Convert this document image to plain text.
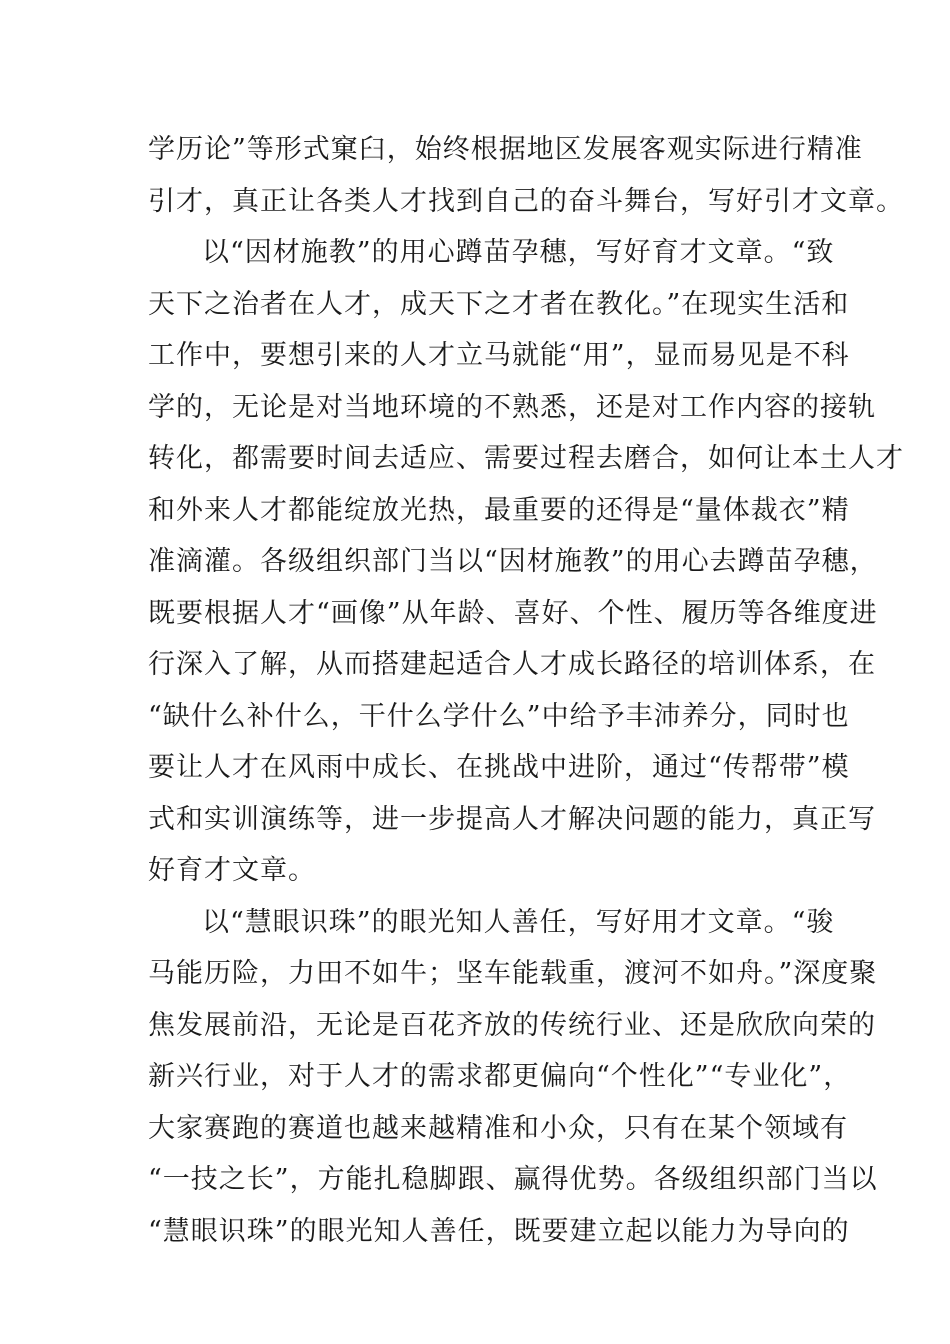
学历论”等形式窠臼，始终根据地区发展客观实际进行精准
引才，真正让各类人才找到自己的奋斗舞台，写好引才文章。
以“因材施教”的用心蹲苗孕穗，写好育才文章。“致
天下之治者在人才，成天下之才者在教化。”在现实生活和
工作中，要想引来的人才立马就能“用”，显而易见是不科
学的，无论是对当地环境的不熟悉，还是对工作内容的接轨
转化，都需要时间去适应、需要过程去磨合，如何让本土人才
和外来人才都能绽放光热，最重要的还得是“量体裁衣”精
准滴灌。各级组织部门当以“因材施教”的用心去蹲苗孕穗，
既要根据人才“画像”从年龄、喜好、个性、履历等各维度进
行深入了解，从而搭建起适合人才成长路径的培训体系，在
“缺什么补什么，干什么学什么”中给予丰沛养分，同时也
要让人才在风雨中成长、在挑战中进阶，通过“传帮带”模
式和实训演练等，进一步提高人才解决问题的能力，真正写
好育才文章。
以“慧眼识珠”的眼光知人善任，写好用才文章。“骏
马能历险，力田不如牛；坚车能载重，渡河不如舟。”深度聚
焦发展前沿，无论是百花齐放的传统行业、还是欣欣向荣的
新兴行业，对于人才的需求都更偏向“个性化”“专业化”，
大家赛跑的赛道也越来越精准和小众，只有在某个领域有
“一技之长”，方能扎稳脚跟、赢得优势。各级组织部门当以
“慧眼识珠”的眼光知人善任，既要建立起以能力为导向的
